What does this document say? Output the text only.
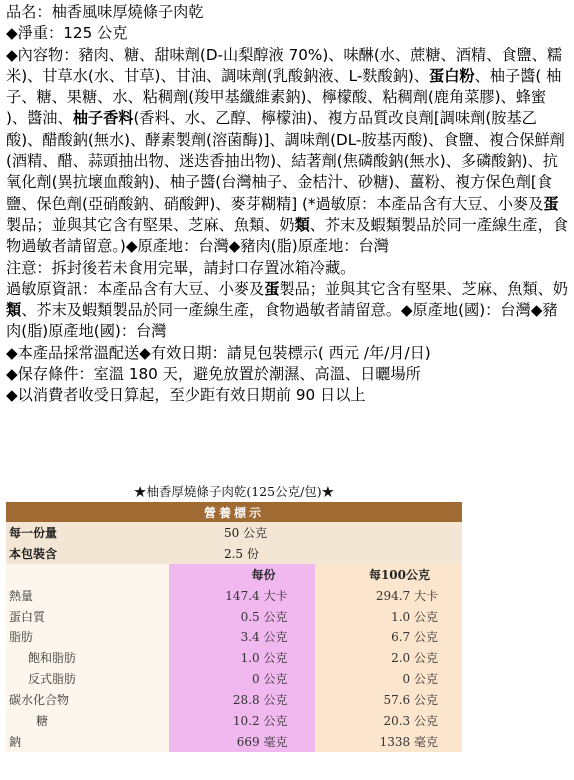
品名：柚香風味厚燒條子肉乾

◆淨重：125 公克

◆內容物：豬肉、糖、甜味劑(D-山梨醇液 70%)、味醂(水、蔗糖、酒精、食鹽、糯米)、甘草水(水、甘草)、甘油、調味劑(乳酸鈉液、L-麩酸鈉)、蛋白粉、柚子醬( 柚子、糖、果糖、水、粘稠劑(羧甲基纖維素鈉)、檸檬酸、粘稠劑(鹿角菜膠)、蜂蜜 )、醬油、柚子香料(香料、水、乙醇、檸檬油)、複方品質改良劑[調味劑(胺基乙酸)、醋酸鈉(無水)、酵素製劑(溶菌酶)]、調味劑(DL-胺基丙酸)、食鹽、複合保鮮劑(酒精、醋、蒜頭抽出物、迷迭香抽出物)、結著劑(焦磷酸鈉(無水)、多磷酸鈉)、抗氧化劑(異抗壞血酸鈉)、柚子醬(台灣柚子、金桔汁、砂糖)、薑粉、複方保色劑[食鹽、保色劑(亞硝酸鈉、硝酸鉀)、麥芽糊精] (*過敏原：本產品含有大豆、小麥及蛋製品；並與其它含有堅果、芝麻、魚類、奶類、芥末及蝦類製品於同一產線生產，食物過敏者請留意。)◆原產地：台灣◆豬肉(脂)原產地：台灣

注意：拆封後若未食用完畢，請封口存置冰箱冷藏。

過敏原資訊：本產品含有大豆、小麥及蛋製品；並與其它含有堅果、芝麻、魚類、奶類、芥末及蝦類製品於同一產線生產，食物過敏者請留意。◆原產地(國)：台灣◆豬肉(脂)原產地(國)：台灣

◆本產品採常溫配送◆有效日期：請見包裝標示( 西元 /年/月/日)

◆保存條件：室溫 180 天，避免放置於潮濕、高溫、日曬場所

◆以消費者收受日算起，至少距有效日期前 90 日以上

★柚香厚燒條子肉乾(125公克/包)★
營養標示		
每一份量	50 公克	
本包裝含	2.5 份	
	每份	每100公克
熱量	147.4 大卡	294.7 大卡
蛋白質	0.5 公克	1.0 公克
脂肪	3.4 公克	6.7 公克
飽和脂肪	1.0 公克	2.0 公克
反式脂肪	0 公克	0 公克
碳水化合物	28.8 公克	57.6 公克
糖	10.2 公克	20.3 公克
鈉	669 毫克	1338 毫克
